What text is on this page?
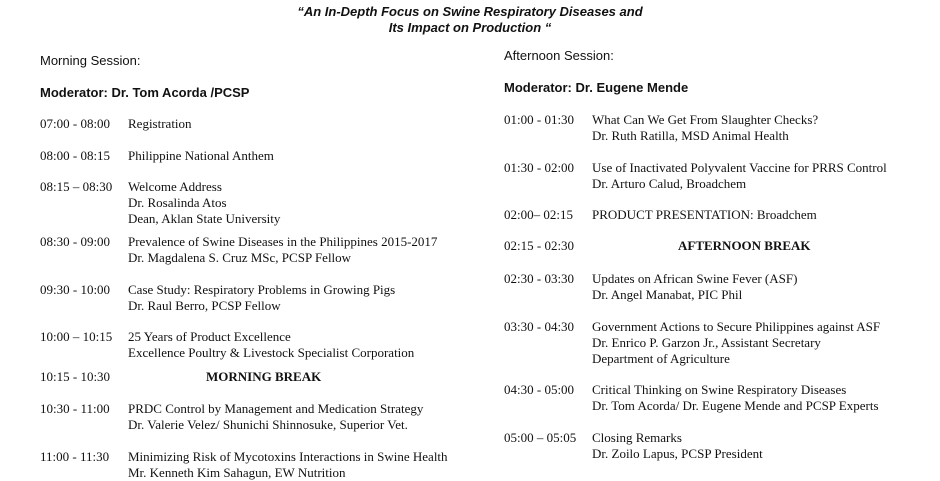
“An In-Depth Focus on Swine Respiratory Diseases and
Its Impact on Production “
Morning Session:
Moderator: Dr. Tom Acorda /PCSP
07:00 - 08:00 Registration
08:00 - 08:15 Philippine National Anthem
08:15 – 08:30 Welcome Address
Dr. Rosalinda Atos
Dean, Aklan State University
08:30 - 09:00 Prevalence of Swine Diseases in the Philippines 2015-2017
Dr. Magdalena S. Cruz MSc, PCSP Fellow
09:30 - 10:00 Case Study: Respiratory Problems in Growing Pigs
Dr. Raul Berro, PCSP Fellow
10:00 – 10:15 25 Years of Product Excellence
Excellence Poultry & Livestock Specialist Corporation
10:15 - 10:30	MORNING BREAK
10:30 - 11:00 PRDC Control by Management and Medication Strategy
Dr. Valerie Velez/ Shunichi Shinnosuke, Superior Vet.
11:00 - 11:30 Minimizing Risk of Mycotoxins Interactions in Swine Health
Mr. Kenneth Kim Sahagun, EW Nutrition
Afternoon Session:
Moderator: Dr. Eugene Mende
01:00 - 01:30 What Can We Get From Slaughter Checks?
Dr. Ruth Ratilla, MSD Animal Health
01:30 - 02:00 Use of Inactivated Polyvalent Vaccine for PRRS Control
Dr. Arturo Calud, Broadchem
02:00– 02:15 PRODUCT PRESENTATION: Broadchem
02:15 - 02:30	AFTERNOON BREAK
02:30 - 03:30 Updates on African Swine Fever (ASF)
Dr. Angel Manabat, PIC Phil
03:30 - 04:30 Government Actions to Secure Philippines against ASF
Dr. Enrico P. Garzon Jr., Assistant Secretary
Department of Agriculture
04:30 - 05:00 Critical Thinking on Swine Respiratory Diseases
Dr. Tom Acorda/ Dr. Eugene Mende and PCSP Experts
05:00 – 05:05 Closing Remarks
Dr. Zoilo Lapus, PCSP President
